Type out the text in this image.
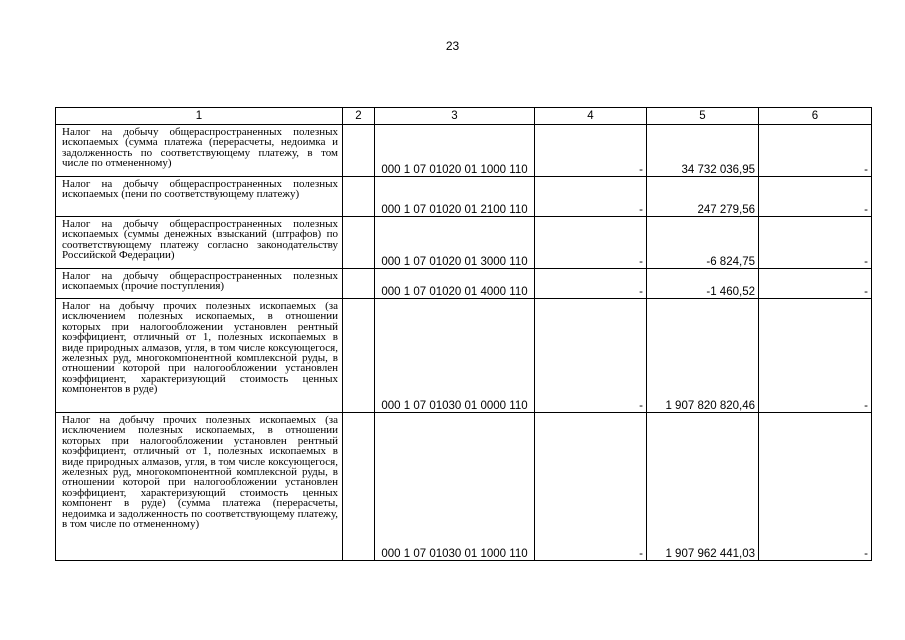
23
1	2	3	4	5	6
Налог на добычу общераспространенных полезных ископаемых (сумма платежа (перерасчеты, недоимка и задолженность по соответствующему платежу, в том числе по отмененному)		000 1 07 01020 01 1000 110	-	34 732 036,95	-
Налог на добычу общераспространенных полезных ископаемых (пени по соответствующему платежу)		000 1 07 01020 01 2100 110	-	247 279,56	-
Налог на добычу общераспространенных полезных ископаемых (суммы денежных взысканий (штрафов) по соответствующему платежу согласно законодательству Российской Федерации)		000 1 07 01020 01 3000 110	-	-6 824,75	-
Налог на добычу общераспространенных полезных ископаемых (прочие поступления)		000 1 07 01020 01 4000 110	-	-1 460,52	-
Налог на добычу прочих полезных ископаемых (за исключением полезных ископаемых, в отношении которых при налогообложении установлен рентный коэффициент, отличный от 1, полезных ископаемых в виде природных алмазов, угля, в том числе коксующегося, железных руд, многокомпонентной комплексной руды, в отношении которой при налогообложении установлен коэффициент, характеризующий стоимость ценных компонентов в руде)		000 1 07 01030 01 0000 110	-	1 907 820 820,46	-
Налог на добычу прочих полезных ископаемых (за исключением полезных ископаемых, в отношении которых при налогообложении установлен рентный коэффициент, отличный от 1, полезных ископаемых в виде природных алмазов, угля, в том числе коксующегося, железных руд, многокомпонентной комплексной руды, в отношении которой при налогообложении установлен коэффициент, характеризующий стоимость ценных компонент в руде) (сумма платежа (перерасчеты, недоимка и задолженность по соответствующему платежу, в том числе по отмененному)		000 1 07 01030 01 1000 110	-	1 907 962 441,03	-
